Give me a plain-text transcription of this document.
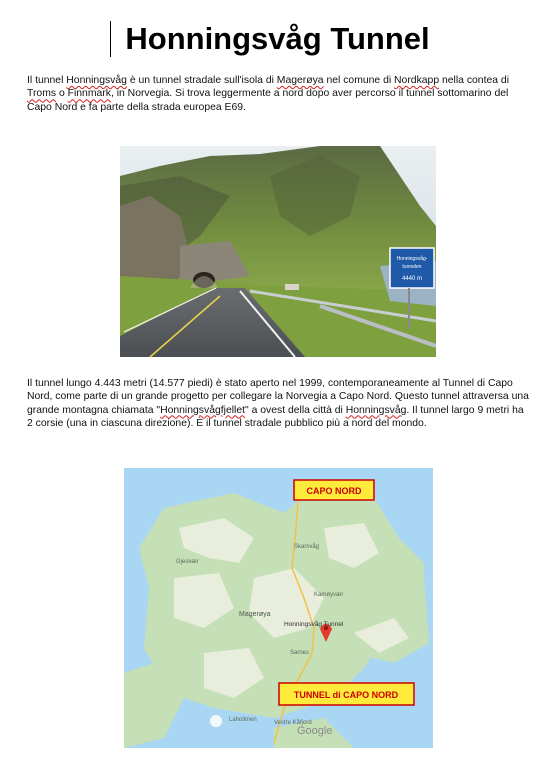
Honningsvåg Tunnel

Il tunnel Honningsvåg è un tunnel stradale sull'isola di Magerøya nel comune di Nordkapp nella contea di Troms o Finnmark, in Norvegia. Si trova leggermente a nord dopo aver percorso il tunnel sottomarino del Capo Nord e fa parte della strada europea E69.

Honningsvåg-
tunnelen
4440 m

Il tunnel lungo 4.443 metri (14.577 piedi) è stato aperto nel 1999, contemporaneamente al Tunnel di Capo Nord, come parte di un grande progetto per collegare la Norvegia a Capo Nord. Questo tunnel attraversa una grande montagna chiamata "Honningsvågfjellet" a ovest della città di Honningsvåg. Il tunnel largo 9 metri ha 2 corsie (una in ciascuna direzione). È il tunnel stradale pubblico più a nord del mondo.

CAPO NORD
TUNNEL di CAPO NORD
Gjesvær
Skarsvåg
Kamøyvær
Magerøya
Honningsvåg Tunnel
Sarnes
Lahollmen	Vestre Kåfjord
Google
